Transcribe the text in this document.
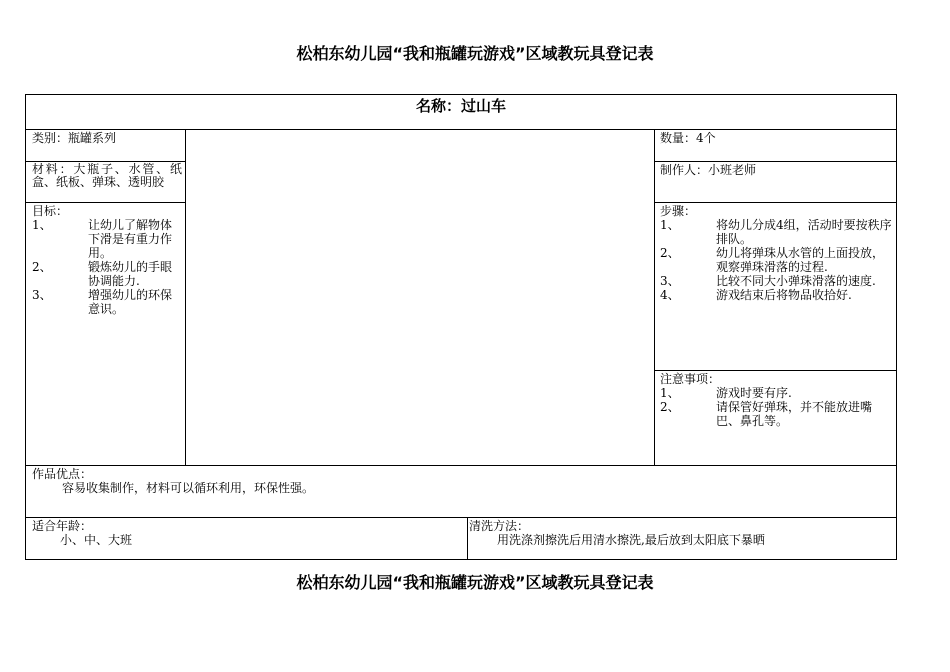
松柏东幼儿园“我和瓶罐玩游戏”区域教玩具登记表
名称：过山车
类别：瓶罐系列
材料：大瓶子、水管、纸盒、纸板、弹珠、透明胶
目标：
1、	让幼儿了解物体下滑是有重力作用。
2、	锻炼幼儿的手眼协调能力.
3、	增强幼儿的环保意识。
数量：4个
制作人：小班老师
步骤：
1、	将幼儿分成4组，活动时要按秩序排队。
2、	幼儿将弹珠从水管的上面投放，观察弹珠滑落的过程.
3、	比较不同大小弹珠滑落的速度.
4、	游戏结束后将物品收拾好.
注意事项：
1、	游戏时要有序.
2、	请保管好弹珠，并不能放进嘴巴、鼻孔等。
作品优点：
容易收集制作，材料可以循环利用，环保性强。
适合年龄：
小、中、大班
清洗方法：
用洗涤剂擦洗后用清水擦洗,最后放到太阳底下暴晒
松柏东幼儿园“我和瓶罐玩游戏”区域教玩具登记表
